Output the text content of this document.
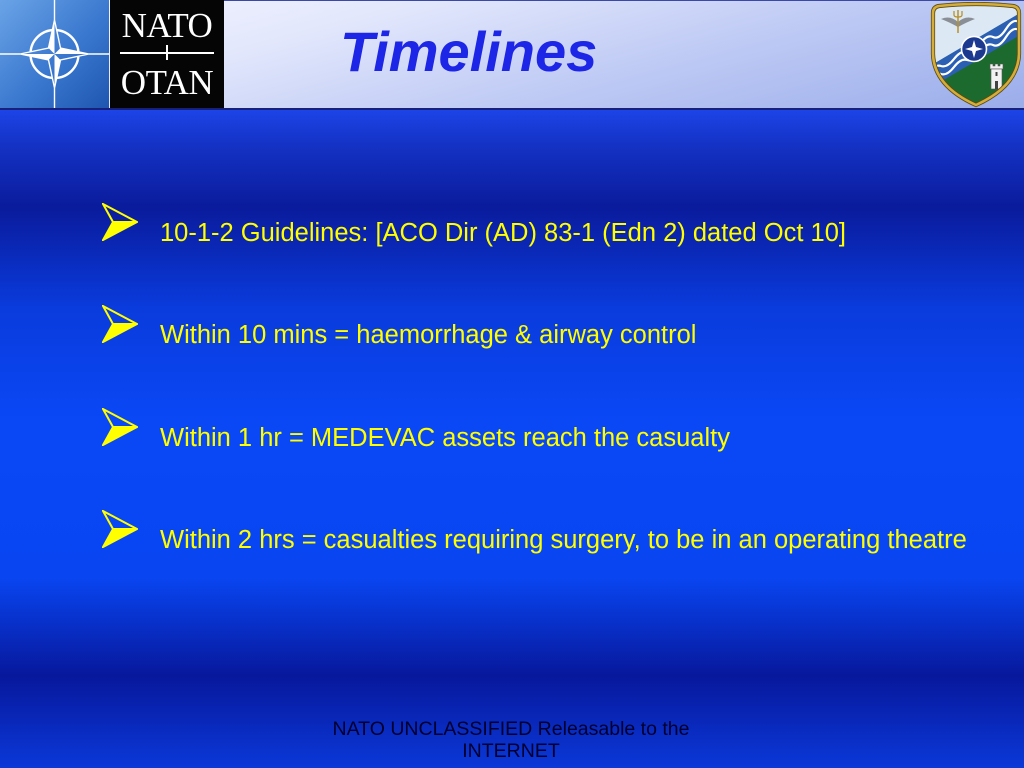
NATO
OTAN Timelines
10-1-2 Guidelines: [ACO Dir (AD) 83-1 (Edn 2) dated Oct 10]
Within 10 mins = haemorrhage & airway control
Within 1 hr = MEDEVAC assets reach the casualty
Within 2 hrs = casualties requiring surgery, to be in an operating theatre
NATO UNCLASSIFIED Releasable to the INTERNET
